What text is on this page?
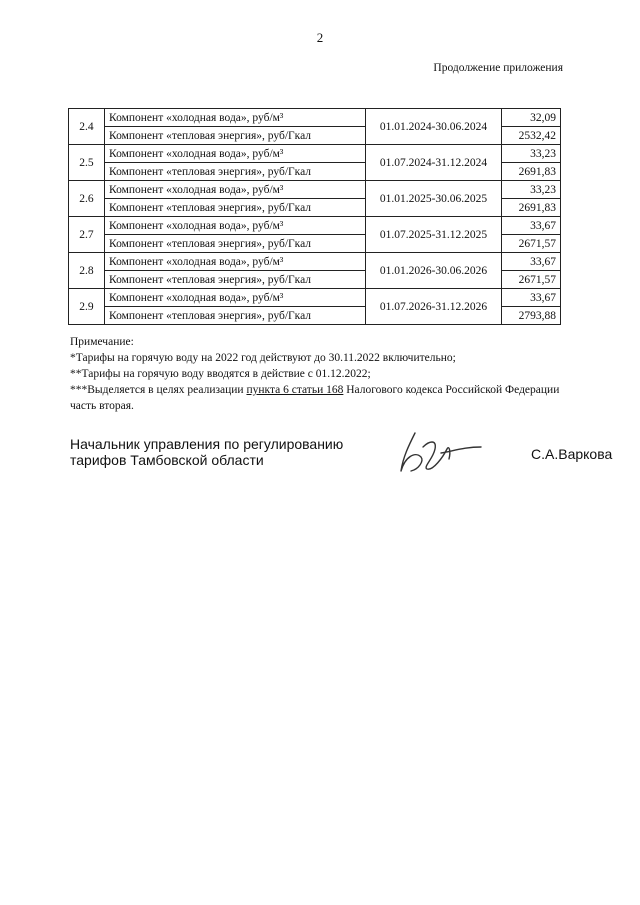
2
Продолжение приложения
2.4	Компонент «холодная вода», руб/м³	01.01.2024-30.06.2024	32,09
	Компонент «тепловая энергия», руб/Гкал		2532,42
2.5	Компонент «холодная вода», руб/м³	01.07.2024-31.12.2024	33,23
	Компонент «тепловая энергия», руб/Гкал		2691,83
2.6	Компонент «холодная вода», руб/м³	01.01.2025-30.06.2025	33,23
	Компонент «тепловая энергия», руб/Гкал		2691,83
2.7	Компонент «холодная вода», руб/м³	01.07.2025-31.12.2025	33,67
	Компонент «тепловая энергия», руб/Гкал		2671,57
2.8	Компонент «холодная вода», руб/м³	01.01.2026-30.06.2026	33,67
	Компонент «тепловая энергия», руб/Гкал		2671,57
2.9	Компонент «холодная вода», руб/м³	01.07.2026-31.12.2026	33,67
	Компонент «тепловая энергия», руб/Гкал		2793,88
Примечание:
*Тарифы на горячую воду на 2022 год действуют до 30.11.2022 включительно;
**Тарифы на горячую воду вводятся в действие с 01.12.2022;
***Выделяется в целях реализации пункта 6 статьи 168 Налогового кодекса Российской Федерации часть вторая.
Начальник управления по регулированию
тарифов Тамбовской области	С.А.Варкова
